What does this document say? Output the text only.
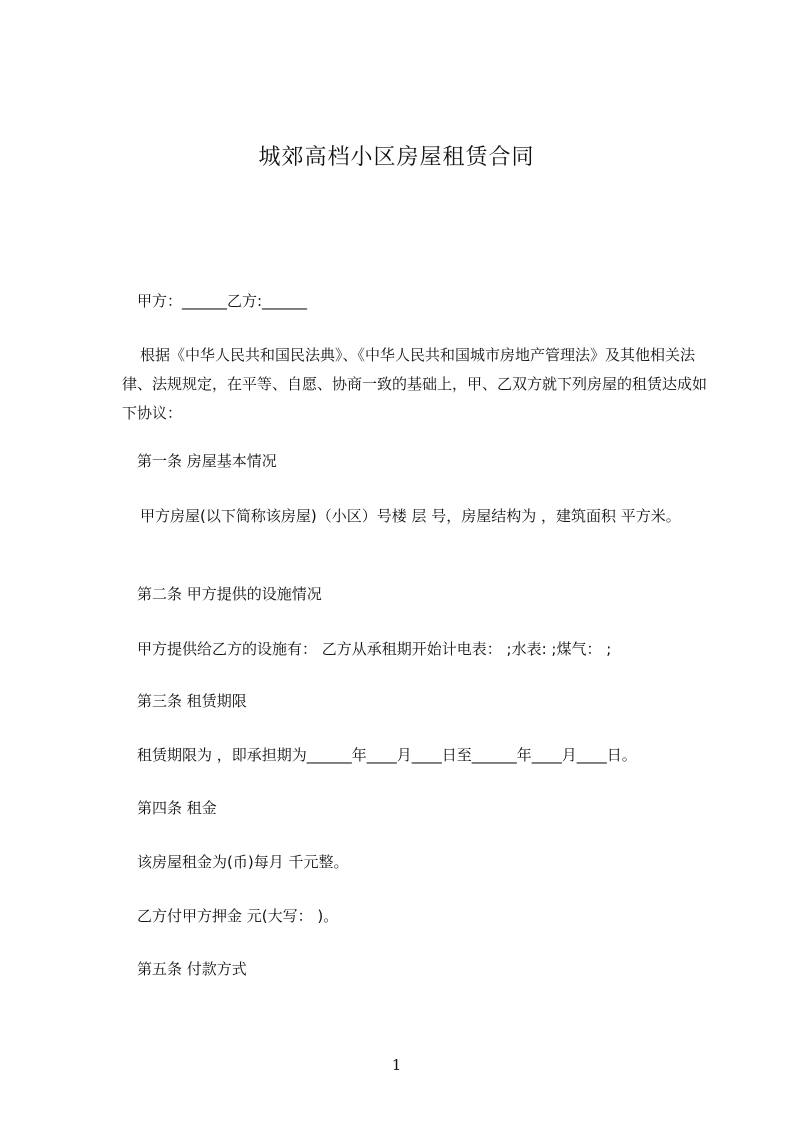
城郊高档小区房屋租赁合同
甲方：______乙方:______
根据《中华人民共和国民法典》、《中华人民共和国城市房地产管理法》及其他相关法律、法规规定，在平等、自愿、协商一致的基础上，甲、乙双方就下列房屋的租赁达成如下协议：
第一条 房屋基本情况
甲方房屋(以下简称该房屋)（小区）号楼 层 号，房屋结构为 ，建筑面积 平方米。
第二条 甲方提供的设施情况
甲方提供给乙方的设施有： 乙方从承租期开始计电表： ;水表: ;煤气： ;
第三条 租赁期限
租赁期限为 ，即承担期为______年____月____日至______年____月____日。
第四条 租金
该房屋租金为(币)每月 千元整。
乙方付甲方押金 元(大写： )。
第五条 付款方式
1
